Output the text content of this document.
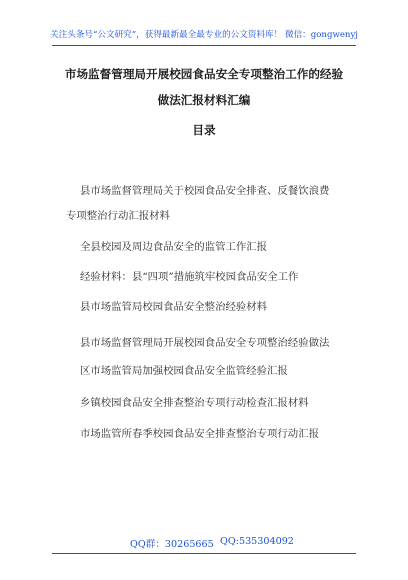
关注头条号“公文研究”，获得最新最全最专业的公文资料库！ 微信：gongwenyj
市场监督管理局开展校园食品安全专项整治工作的经验
做法汇报材料汇编
目录
县市场监督管理局关于校园食品安全排查、反餐饮浪费
专项整治行动汇报材料
全县校园及周边食品安全的监管工作汇报
经验材料：县“四项”措施筑牢校园食品安全工作
县市场监管局校园食品安全整治经验材料
县市场监督管理局开展校园食品安全专项整治经验做法
区市场监管局加强校园食品安全监管经验汇报
乡镇校园食品安全排查整治专项行动检查汇报材料
市场监管所春季校园食品安全排查整治专项行动汇报
QQ群：30265665 QQ:535304092
